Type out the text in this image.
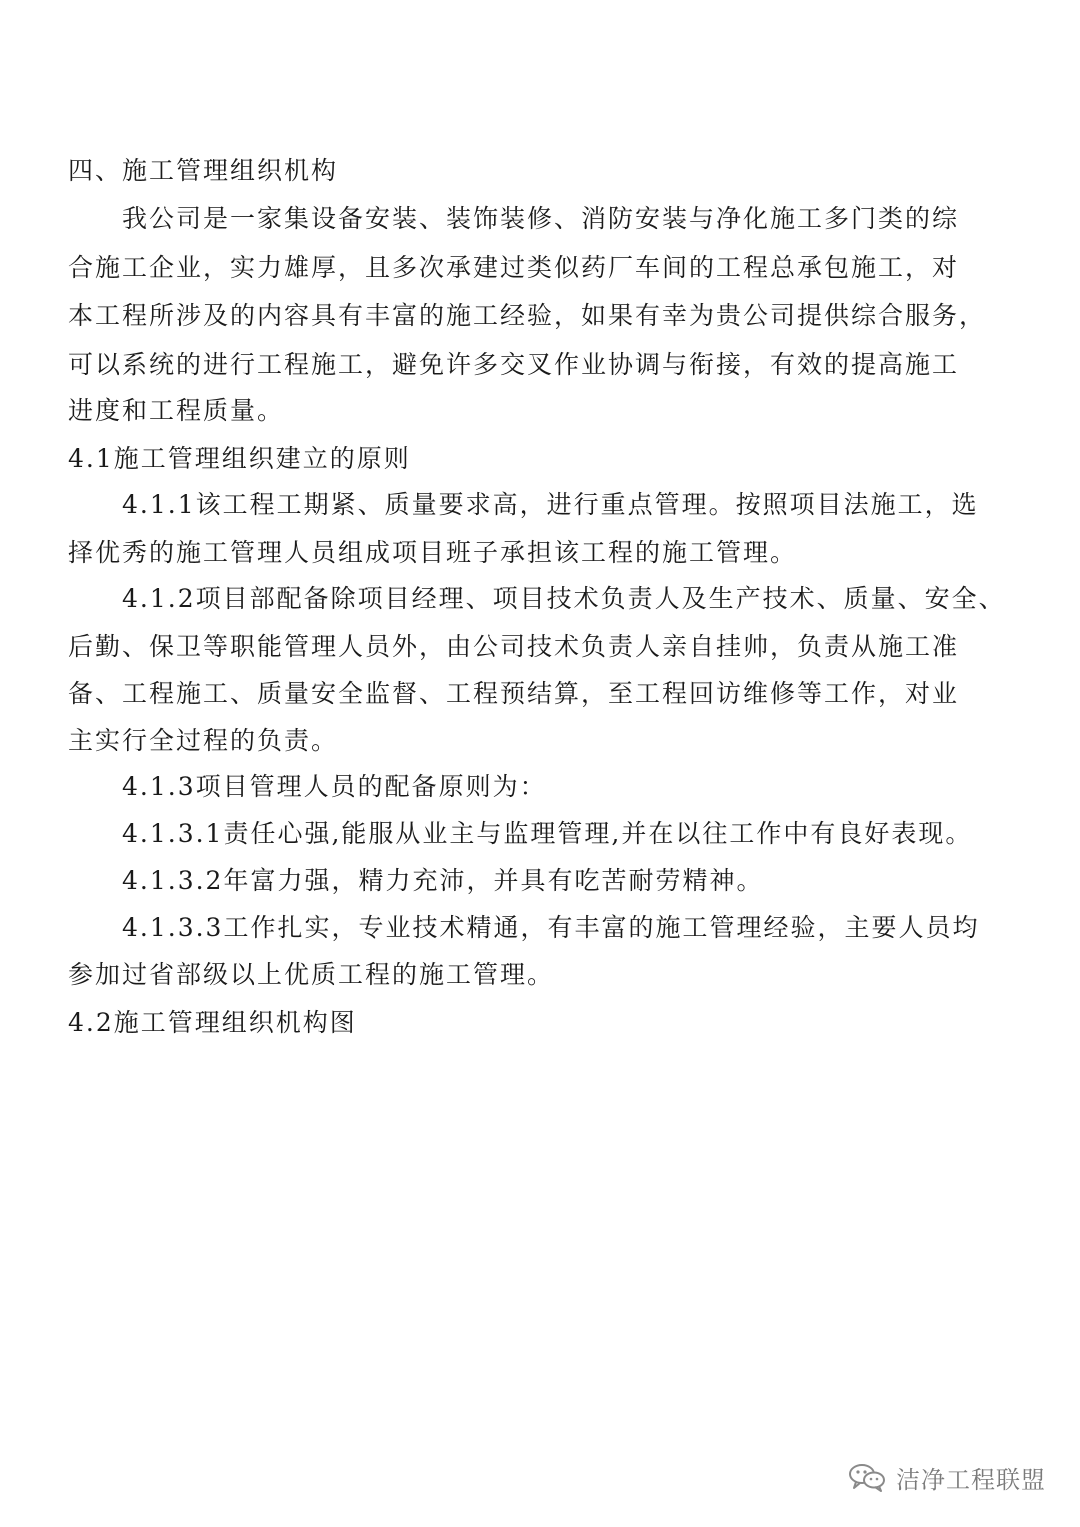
四、施工管理组织机构
我公司是一家集设备安装、装饰装修、消防安装与净化施工多门类的综
合施工企业，实力雄厚，且多次承建过类似药厂车间的工程总承包施工，对
本工程所涉及的内容具有丰富的施工经验，如果有幸为贵公司提供综合服务，
可以系统的进行工程施工，避免许多交叉作业协调与衔接，有效的提高施工
进度和工程质量。
4.1施工管理组织建立的原则
4.1.1该工程工期紧、质量要求高，进行重点管理。按照项目法施工，选
择优秀的施工管理人员组成项目班子承担该工程的施工管理。
4.1.2项目部配备除项目经理、项目技术负责人及生产技术、质量、安全、
后勤、保卫等职能管理人员外，由公司技术负责人亲自挂帅，负责从施工准
备、工程施工、质量安全监督、工程预结算，至工程回访维修等工作，对业
主实行全过程的负责。
4.1.3项目管理人员的配备原则为：
4.1.3.1责任心强,能服从业主与监理管理,并在以往工作中有良好表现。
4.1.3.2年富力强，精力充沛，并具有吃苦耐劳精神。
4.1.3.3工作扎实，专业技术精通，有丰富的施工管理经验，主要人员均
参加过省部级以上优质工程的施工管理。
4.2施工管理组织机构图
洁净工程联盟
